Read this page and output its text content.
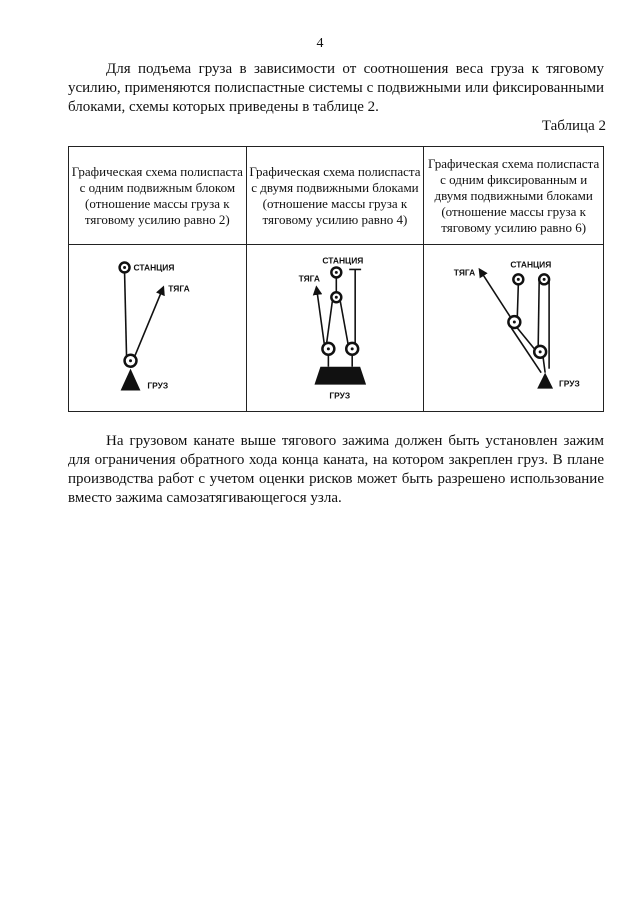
4
Для подъема груза в зависимости от соотношения веса груза к тяговому усилию, применяются полиспастные системы с подвижными или фиксированными блоками, схемы которых приведены в таблице 2.
Таблица 2
Графическая схема полиспаста с одним подвижным блоком (отношение массы груза к тяговому усилию равно 2)	Графическая схема полиспаста с двумя подвижными блоками (отношение массы груза к тяговому усилию равно 4)	Графическая схема полиспаста с одним фиксированным и двумя подвижными блоками (отношение массы груза к тяговому усилию равно 6)

СТАНЦИЯ
ТЯГА
ГРУЗ	СТАНЦИЯ
ТЯГА
ГРУЗ	ТЯГА
СТАНЦИЯ
ГРУЗ
На грузовом канате выше тягового зажима должен быть установлен зажим для ограничения обратного хода конца каната, на котором закреплен груз. В плане производства работ с учетом оценки рисков может быть разрешено использование вместо зажима самозатягивающегося узла.
